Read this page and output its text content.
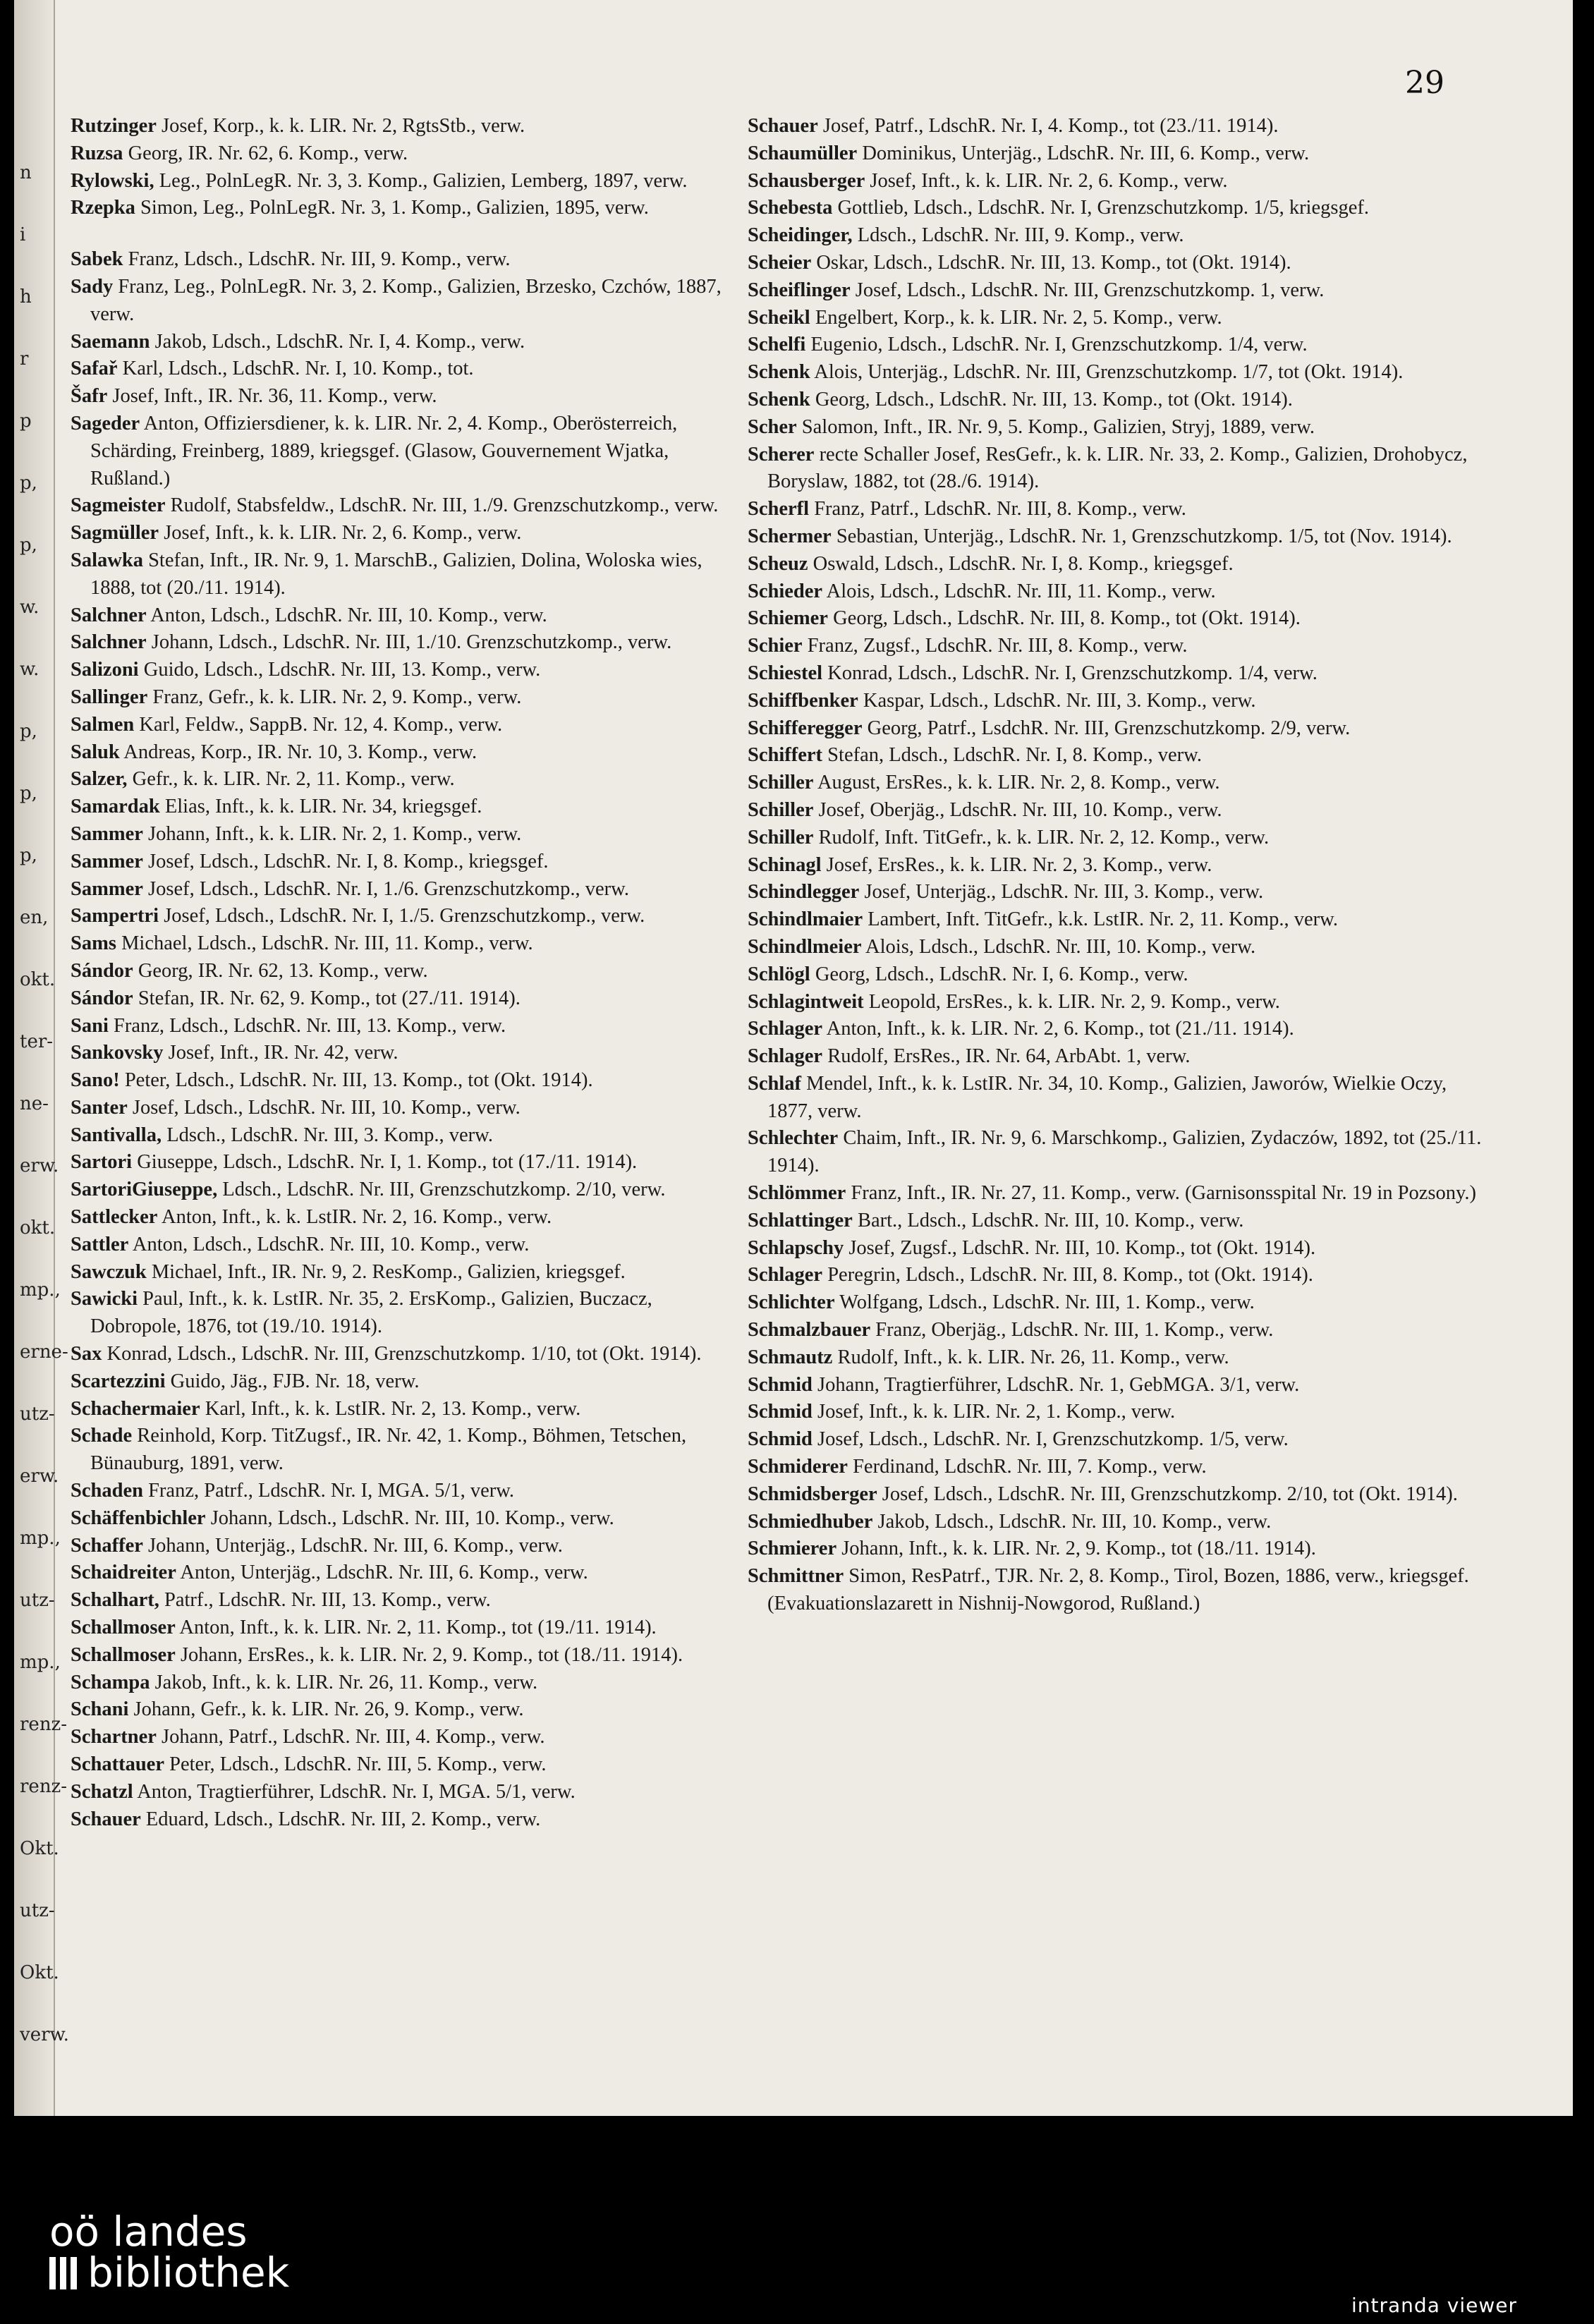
n
i
h
r
p
p,
p,
w.
w.
p,
p,
p,
en,
okt.
ter-
ne-
erw.
okt.
mp.,
erne-
utz-
erw.
mp.,
utz-
mp.,
renz-
renz-
Okt.
utz-
Okt.
verw.
29

Rutzinger Josef, Korp., k. k. LIR. Nr. 2, RgtsStb., verw.

Ruzsa Georg, IR. Nr. 62, 6. Komp., verw.

Rylowski, Leg., PolnLegR. Nr. 3, 3. Komp., Galizien, Lemberg, 1897, verw.

Rzepka Simon, Leg., PolnLegR. Nr. 3, 1. Komp., Galizien, 1895, verw.

Sabek Franz, Ldsch., LdschR. Nr. III, 9. Komp., verw.

Sady Franz, Leg., PolnLegR. Nr. 3, 2. Komp., Galizien, Brzesko, Czchów, 1887, verw.

Saemann Jakob, Ldsch., LdschR. Nr. I, 4. Komp., verw.

Safař Karl, Ldsch., LdschR. Nr. I, 10. Komp., tot.

Šafr Josef, Inft., IR. Nr. 36, 11. Komp., verw.

Sageder Anton, Offiziersdiener, k. k. LIR. Nr. 2, 4. Komp., Oberösterreich, Schärding, Freinberg, 1889, kriegsgef. (Glasow, Gouvernement Wjatka, Rußland.)

Sagmeister Rudolf, Stabsfeldw., LdschR. Nr. III, 1./9. Grenzschutzkomp., verw.

Sagmüller Josef, Inft., k. k. LIR. Nr. 2, 6. Komp., verw.

Salawka Stefan, Inft., IR. Nr. 9, 1. MarschB., Galizien, Dolina, Woloska wies, 1888, tot (20./11. 1914).

Salchner Anton, Ldsch., LdschR. Nr. III, 10. Komp., verw.

Salchner Johann, Ldsch., LdschR. Nr. III, 1./10. Grenzschutzkomp., verw.

Salizoni Guido, Ldsch., LdschR. Nr. III, 13. Komp., verw.

Sallinger Franz, Gefr., k. k. LIR. Nr. 2, 9. Komp., verw.

Salmen Karl, Feldw., SappB. Nr. 12, 4. Komp., verw.

Saluk Andreas, Korp., IR. Nr. 10, 3. Komp., verw.

Salzer, Gefr., k. k. LIR. Nr. 2, 11. Komp., verw.

Samardak Elias, Inft., k. k. LIR. Nr. 34, kriegsgef.

Sammer Johann, Inft., k. k. LIR. Nr. 2, 1. Komp., verw.

Sammer Josef, Ldsch., LdschR. Nr. I, 8. Komp., kriegsgef.

Sammer Josef, Ldsch., LdschR. Nr. I, 1./6. Grenzschutzkomp., verw.

Sampertri Josef, Ldsch., LdschR. Nr. I, 1./5. Grenzschutzkomp., verw.

Sams Michael, Ldsch., LdschR. Nr. III, 11. Komp., verw.

Sándor Georg, IR. Nr. 62, 13. Komp., verw.

Sándor Stefan, IR. Nr. 62, 9. Komp., tot (27./11. 1914).

Sani Franz, Ldsch., LdschR. Nr. III, 13. Komp., verw.

Sankovsky Josef, Inft., IR. Nr. 42, verw.

Sano! Peter, Ldsch., LdschR. Nr. III, 13. Komp., tot (Okt. 1914).

Santer Josef, Ldsch., LdschR. Nr. III, 10. Komp., verw.

Santivalla, Ldsch., LdschR. Nr. III, 3. Komp., verw.

Sartori Giuseppe, Ldsch., LdschR. Nr. I, 1. Komp., tot (17./11. 1914).

SartoriGiuseppe, Ldsch., LdschR. Nr. III, Grenzschutzkomp. 2/10, verw.

Sattlecker Anton, Inft., k. k. LstIR. Nr. 2, 16. Komp., verw.

Sattler Anton, Ldsch., LdschR. Nr. III, 10. Komp., verw.

Sawczuk Michael, Inft., IR. Nr. 9, 2. ResKomp., Galizien, kriegsgef.

Sawicki Paul, Inft., k. k. LstIR. Nr. 35, 2. ErsKomp., Galizien, Buczacz, Dobropole, 1876, tot (19./10. 1914).

Sax Konrad, Ldsch., LdschR. Nr. III, Grenzschutzkomp. 1/10, tot (Okt. 1914).

Scartezzini Guido, Jäg., FJB. Nr. 18, verw.

Schachermaier Karl, Inft., k. k. LstIR. Nr. 2, 13. Komp., verw.

Schade Reinhold, Korp. TitZugsf., IR. Nr. 42, 1. Komp., Böhmen, Tetschen, Bünauburg, 1891, verw.

Schaden Franz, Patrf., LdschR. Nr. I, MGA. 5/1, verw.

Schäffenbichler Johann, Ldsch., LdschR. Nr. III, 10. Komp., verw.

Schaffer Johann, Unterjäg., LdschR. Nr. III, 6. Komp., verw.

Schaidreiter Anton, Unterjäg., LdschR. Nr. III, 6. Komp., verw.

Schalhart, Patrf., LdschR. Nr. III, 13. Komp., verw.

Schallmoser Anton, Inft., k. k. LIR. Nr. 2, 11. Komp., tot (19./11. 1914).

Schallmoser Johann, ErsRes., k. k. LIR. Nr. 2, 9. Komp., tot (18./11. 1914).

Schampa Jakob, Inft., k. k. LIR. Nr. 26, 11. Komp., verw.

Schani Johann, Gefr., k. k. LIR. Nr. 26, 9. Komp., verw.

Schartner Johann, Patrf., LdschR. Nr. III, 4. Komp., verw.

Schattauer Peter, Ldsch., LdschR. Nr. III, 5. Komp., verw.

Schatzl Anton, Tragtierführer, LdschR. Nr. I, MGA. 5/1, verw.

Schauer Eduard, Ldsch., LdschR. Nr. III, 2. Komp., verw.

Schauer Josef, Patrf., LdschR. Nr. I, 4. Komp., tot (23./11. 1914).

Schaumüller Dominikus, Unterjäg., LdschR. Nr. III, 6. Komp., verw.

Schausberger Josef, Inft., k. k. LIR. Nr. 2, 6. Komp., verw.

Schebesta Gottlieb, Ldsch., LdschR. Nr. I, Grenzschutzkomp. 1/5, kriegsgef.

Scheidinger, Ldsch., LdschR. Nr. III, 9. Komp., verw.

Scheier Oskar, Ldsch., LdschR. Nr. III, 13. Komp., tot (Okt. 1914).

Scheiflinger Josef, Ldsch., LdschR. Nr. III, Grenzschutzkomp. 1, verw.

Scheikl Engelbert, Korp., k. k. LIR. Nr. 2, 5. Komp., verw.

Schelfi Eugenio, Ldsch., LdschR. Nr. I, Grenzschutzkomp. 1/4, verw.

Schenk Alois, Unterjäg., LdschR. Nr. III, Grenzschutzkomp. 1/7, tot (Okt. 1914).

Schenk Georg, Ldsch., LdschR. Nr. III, 13. Komp., tot (Okt. 1914).

Scher Salomon, Inft., IR. Nr. 9, 5. Komp., Galizien, Stryj, 1889, verw.

Scherer recte Schaller Josef, ResGefr., k. k. LIR. Nr. 33, 2. Komp., Galizien, Drohobycz, Boryslaw, 1882, tot (28./6. 1914).

Scherfl Franz, Patrf., LdschR. Nr. III, 8. Komp., verw.

Schermer Sebastian, Unterjäg., LdschR. Nr. 1, Grenzschutzkomp. 1/5, tot (Nov. 1914).

Scheuz Oswald, Ldsch., LdschR. Nr. I, 8. Komp., kriegsgef.

Schieder Alois, Ldsch., LdschR. Nr. III, 11. Komp., verw.

Schiemer Georg, Ldsch., LdschR. Nr. III, 8. Komp., tot (Okt. 1914).

Schier Franz, Zugsf., LdschR. Nr. III, 8. Komp., verw.

Schiestel Konrad, Ldsch., LdschR. Nr. I, Grenzschutzkomp. 1/4, verw.

Schiffbenker Kaspar, Ldsch., LdschR. Nr. III, 3. Komp., verw.

Schifferegger Georg, Patrf., LsdchR. Nr. III, Grenzschutzkomp. 2/9, verw.

Schiffert Stefan, Ldsch., LdschR. Nr. I, 8. Komp., verw.

Schiller August, ErsRes., k. k. LIR. Nr. 2, 8. Komp., verw.

Schiller Josef, Oberjäg., LdschR. Nr. III, 10. Komp., verw.

Schiller Rudolf, Inft. TitGefr., k. k. LIR. Nr. 2, 12. Komp., verw.

Schinagl Josef, ErsRes., k. k. LIR. Nr. 2, 3. Komp., verw.

Schindlegger Josef, Unterjäg., LdschR. Nr. III, 3. Komp., verw.

Schindlmaier Lambert, Inft. TitGefr., k.k. LstIR. Nr. 2, 11. Komp., verw.

Schindlmeier Alois, Ldsch., LdschR. Nr. III, 10. Komp., verw.

Schlögl Georg, Ldsch., LdschR. Nr. I, 6. Komp., verw.

Schlagintweit Leopold, ErsRes., k. k. LIR. Nr. 2, 9. Komp., verw.

Schlager Anton, Inft., k. k. LIR. Nr. 2, 6. Komp., tot (21./11. 1914).

Schlager Rudolf, ErsRes., IR. Nr. 64, ArbAbt. 1, verw.

Schlaf Mendel, Inft., k. k. LstIR. Nr. 34, 10. Komp., Galizien, Jaworów, Wielkie Oczy, 1877, verw.

Schlechter Chaim, Inft., IR. Nr. 9, 6. Marschkomp., Galizien, Zydaczów, 1892, tot (25./11. 1914).

Schlömmer Franz, Inft., IR. Nr. 27, 11. Komp., verw. (Garnisonsspital Nr. 19 in Pozsony.)

Schlattinger Bart., Ldsch., LdschR. Nr. III, 10. Komp., verw.

Schlapschy Josef, Zugsf., LdschR. Nr. III, 10. Komp., tot (Okt. 1914).

Schlager Peregrin, Ldsch., LdschR. Nr. III, 8. Komp., tot (Okt. 1914).

Schlichter Wolfgang, Ldsch., LdschR. Nr. III, 1. Komp., verw.

Schmalzbauer Franz, Oberjäg., LdschR. Nr. III, 1. Komp., verw.

Schmautz Rudolf, Inft., k. k. LIR. Nr. 26, 11. Komp., verw.

Schmid Johann, Tragtierführer, LdschR. Nr. 1, GebMGA. 3/1, verw.

Schmid Josef, Inft., k. k. LIR. Nr. 2, 1. Komp., verw.

Schmid Josef, Ldsch., LdschR. Nr. I, Grenzschutzkomp. 1/5, verw.

Schmiderer Ferdinand, LdschR. Nr. III, 7. Komp., verw.

Schmidsberger Josef, Ldsch., LdschR. Nr. III, Grenzschutzkomp. 2/10, tot (Okt. 1914).

Schmiedhuber Jakob, Ldsch., LdschR. Nr. III, 10. Komp., verw.

Schmierer Johann, Inft., k. k. LIR. Nr. 2, 9. Komp., tot (18./11. 1914).

Schmittner Simon, ResPatrf., TJR. Nr. 2, 8. Komp., Tirol, Bozen, 1886, verw., kriegsgef. (Evakuationslazarett in Nishnij-Nowgorod, Rußland.)

oö landes
bibliothek
intranda viewer
